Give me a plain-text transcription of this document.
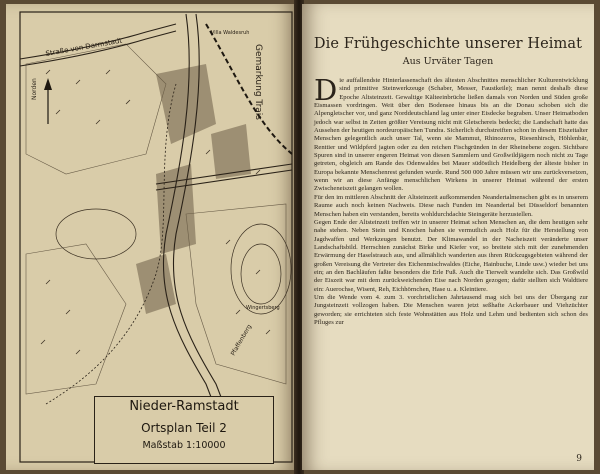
Norden
Straße von Darmstadt	Gemarkung Trais
Villa Waldesruh
Pfaffenberg
Wingertsberg
Nieder-Ramstadt
Ortsplan Teil 2
Maßstab 1:10000
Die Frühgeschichte unserer Heimat
Aus Urväter Tagen

Die auffallendste Hinterlassenschaft des ältesten Abschnittes menschlicher Kulturentwicklung sind primitive Steinwerkzeuge (Schaber, Messer, Faustkeile); man nennt deshalb diese Epoche Altsteinzeit. Gewaltige Kälteeinbrüche ließen damals von Norden und Süden große Eismassen vordringen. Weit über den Bodensee hinaus bis an die Donau schoben sich die Alpengletscher vor, und ganz Norddeutschland lag unter einer Eisdecke begraben. Unser Heimatboden jedoch war selbst in Zeiten größter Vereisung nicht mit Gletschereis bedeckt; die Landschaft hatte das Aussehen der heutigen nordeuropäischen Tundra. Sicherlich durchstreiften schon in diesem Eiszeitalter Menschen gelegentlich auch unser Tal, wenn sie Mammut, Rhinozeros, Riesenhirsch, Höhlenbär, Renttier und Wildpferd jagten oder zu den reichen Fischgründen in der Rheinebene zogen. Sichtbare Spuren sind in unserer engeren Heimat von diesen Sammlern und Großwildjägern noch nicht zu Tage getreten, obgleich am Rande des Odenwaldes bei Mauer südöstlich Heidelberg der älteste bisher in Europa bekannte Menschenrest gefunden wurde. Rund 500 000 Jahre müssen wir uns zurückversetzen, wenn wir an diese Anfänge menschlichen Wirkens in unserer Heimat während der ersten Zwischeneiszeit gelangen wollen.

Für den im mittleren Abschnitt der Altsteinzeit aufkommenden Neandertalmenschen gibt es in unserem Raume auch noch keinen Nachweis. Diese nach Funden im Neandertal bei Düsseldorf benannten Menschen haben ein verstanden, bereits wohldurchdachte Steingeräte herzustellen.

Gegen Ende der Altsteinzeit treffen wir in unserer Heimat schon Menschen an, die dem heutigen sehr nahe stehen. Neben Stein und Knochen haben sie vermutlich auch Holz für die Herstellung von Jagdwaffen und Werkzeugen benutzt. Der Klimawandel in der Nacheiszeit veränderte unser Landschaftsbild. Herrschten zunächst Birke und Kiefer vor, so breitete sich mit der zunehmenden Erwärmung der Haselstrauch aus, und allmählich wanderten aus ihren Rückzugsgebieten während der großen Vereisung die Vertreter des Eichenmischwaldes (Eiche, Hainbuche, Linde usw.) wieder bei uns ein; an den Bachläufen faßte besonders die Erle Fuß. Auch die Tierwelt wandelte sich. Das Großwild der Eiszeit war mit dem zurückweichenden Eise nach Norden gezogen; dafür stellten sich Waldtiere ein: Auerochse, Wisent, Reh, Eichhörnchen, Hase u. a. Kleintiere.

Um die Wende vom 4. zum 3. vorchristlichen Jahrtausend mag sich bei uns der Übergang zur Jungsteinzeit vollzogen haben. Die Menschen waren jetzt seßhafte Ackerbauer und Viehzüchter geworden; sie errichteten sich feste Wohnstätten aus Holz und Lehm und bedienten sich schon des Pfluges zur

9
